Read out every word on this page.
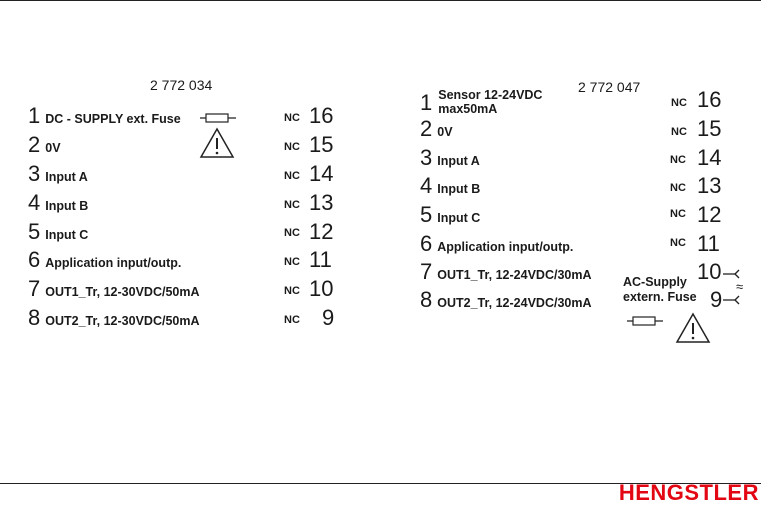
2 772 034
1 DC - SUPPLY ext. Fuse
2 0V
3 Input A
4 Input B
5 Input C
6 Application input/outp.
7 OUT1_Tr, 12-30VDC/50mA
8 OUT2_Tr, 12-30VDC/50mA
NC 16
NC 15
NC 14
NC 13
NC 12
NC 11
NC 10
NC 9
2 772 047
1 Sensor 12-24VDC
max50mA
2 0V
3 Input A
4 Input B
5 Input C
6 Application input/outp.
7 OUT1_Tr, 12-24VDC/30mA
8 OUT2_Tr, 12-24VDC/30mA
NC 16
NC 15
NC 14
NC 13
NC 12
NC 11
10
9
≈
AC-Supply
extern. Fuse
HENGSTLER
